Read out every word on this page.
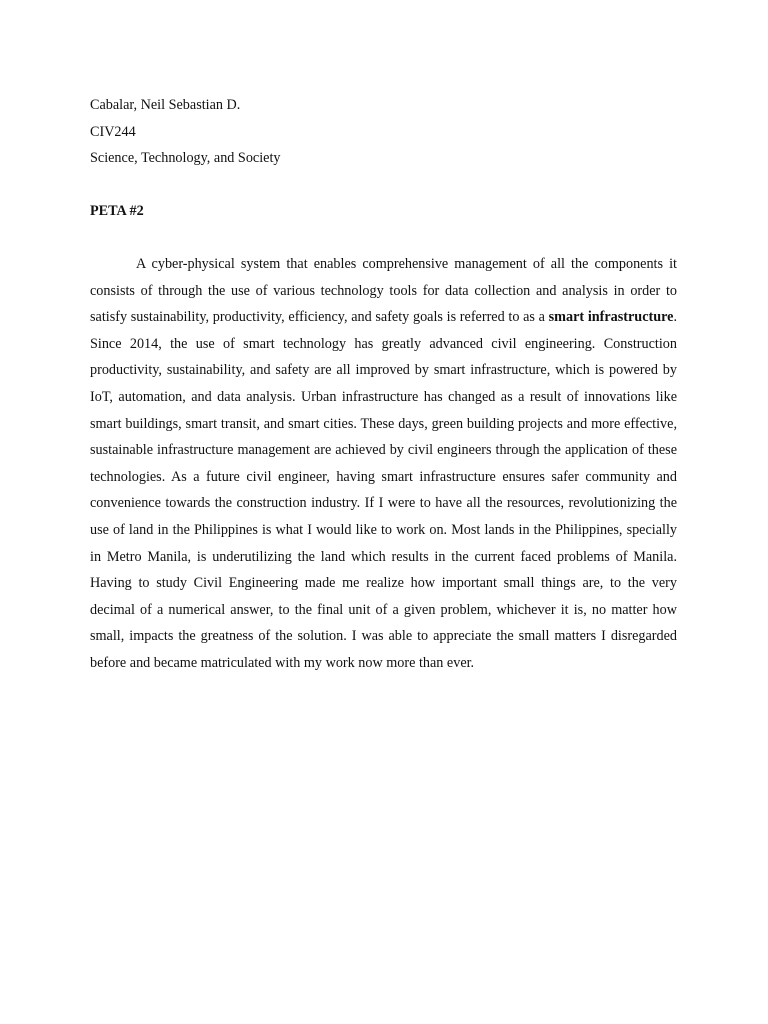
Cabalar, Neil Sebastian D.
CIV244
Science, Technology, and Society
PETA #2

A cyber-physical system that enables comprehensive management of all the components it consists of through the use of various technology tools for data collection and analysis in order to satisfy sustainability, productivity, efficiency, and safety goals is referred to as a smart infrastructure. Since 2014, the use of smart technology has greatly advanced civil engineering. Construction productivity, sustainability, and safety are all improved by smart infrastructure, which is powered by IoT, automation, and data analysis. Urban infrastructure has changed as a result of innovations like smart buildings, smart transit, and smart cities. These days, green building projects and more effective, sustainable infrastructure management are achieved by civil engineers through the application of these technologies. As a future civil engineer, having smart infrastructure ensures safer community and convenience towards the construction industry. If I were to have all the resources, revolutionizing the use of land in the Philippines is what I would like to work on. Most lands in the Philippines, specially in Metro Manila, is underutilizing the land which results in the current faced problems of Manila. Having to study Civil Engineering made me realize how important small things are, to the very decimal of a numerical answer, to the final unit of a given problem, whichever it is, no matter how small, impacts the greatness of the solution. I was able to appreciate the small matters I disregarded before and became matriculated with my work now more than ever.
